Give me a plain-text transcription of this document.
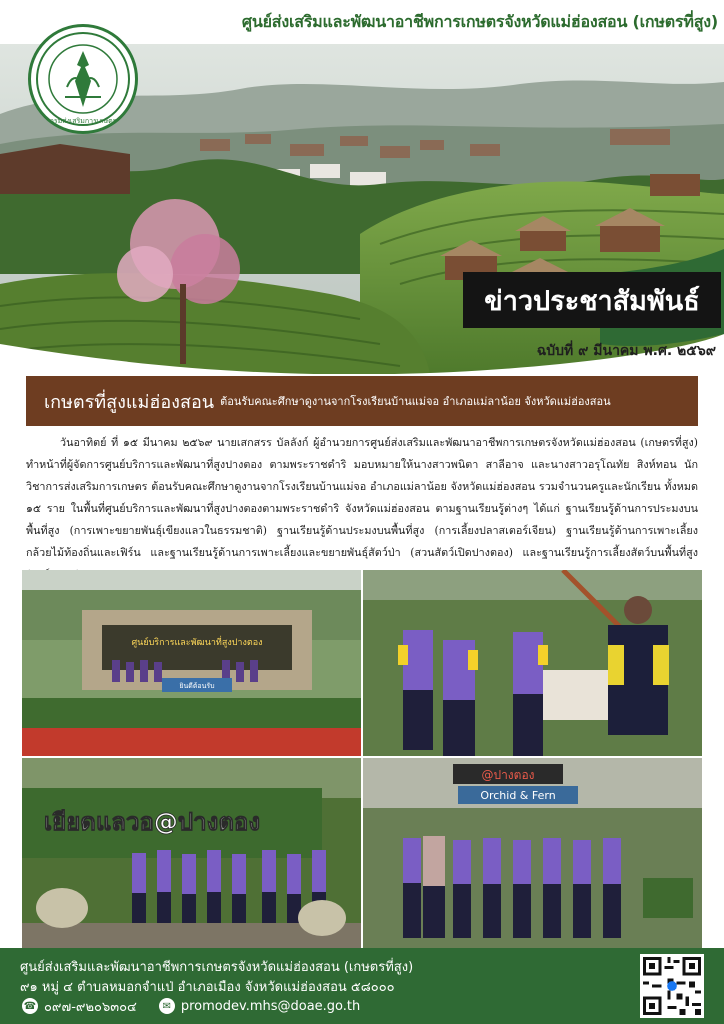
ศูนย์ส่งเสริมและพัฒนาอาชีพการเกษตรจังหวัดแม่ฮ่องสอน (เกษตรที่สูง)
กรมส่งเสริมการเกษตร
ข่าวประชาสัมพันธ์
ฉบับที่ ๙ มีนาคม พ.ศ. ๒๕๖๙
เกษตรที่สูงแม่ฮ่องสอน ต้อนรับคณะศึกษาดูงานจากโรงเรียนบ้านแม่จอ อำเภอแม่ลาน้อย จังหวัดแม่ฮ่องสอน
วันอาทิตย์ ที่ ๑๕ มีนาคม ๒๕๖๙ นายเสกสรร บัลลังก์ ผู้อำนวยการศูนย์ส่งเสริมและพัฒนาอาชีพการเกษตรจังหวัดแม่ฮ่องสอน (เกษตรที่สูง) ทำหน้าที่ผู้จัดการศูนย์บริการและพัฒนาที่สูงปางตอง ตามพระราชดำริ มอบหมายให้นางสาวพนิตา สาลีอาจ และนางสาวอรุโณทัย สิงห์ทอน นักวิชาการส่งเสริมการเกษตร ต้อนรับคณะศึกษาดูงานจากโรงเรียนบ้านแม่จอ อำเภอแม่ลาน้อย จังหวัดแม่ฮ่องสอน รวมจำนวนครูและนักเรียน ทั้งหมด ๑๕ ราย ในพื้นที่ศูนย์บริการและพัฒนาที่สูงปางตองตามพระราชดำริ จังหวัดแม่ฮ่องสอน ตามฐานเรียนรู้ต่างๆ ได้แก่ ฐานเรียนรู้ด้านการประมงบนพื้นที่สูง (การเพาะขยายพันธุ์เขียงแลวในธรรมชาติ) ฐานเรียนรู้ด้านประมงบนพื้นที่สูง (การเลี้ยงปลาสเตอร์เจียน) ฐานเรียนรู้ด้านการเพาะเลี้ยงกล้วยไม้ท้องถิ่นและเฟิร์น และฐานเรียนรู้ด้านการเพาะเลี้ยงและขยายพันธุ์สัตว์ป่า (สวนสัตว์เปิดปางตอง) และฐานเรียนรู้การเลี้ยงสัตว์บนพื้นที่สูง
ศูนย์บริการและพัฒนาที่สูงปางตอง
ยินดีต้อนรับ
เยียดแลวอ@ปางตอง
@ปางตอง
Orchid & Fern
ศูนย์ส่งเสริมและพัฒนาอาชีพการเกษตรจังหวัดแม่ฮ่องสอน (เกษตรที่สูง)
๙๑ หมู่ ๔ ตำบลหมอกจำแป่ อำเภอเมือง จังหวัดแม่ฮ่องสอน ๕๘๐๐๐
☎ ๐๙๗-๙๒๐๖๓๐๔	✉ promodev.mhs@doae.go.th
